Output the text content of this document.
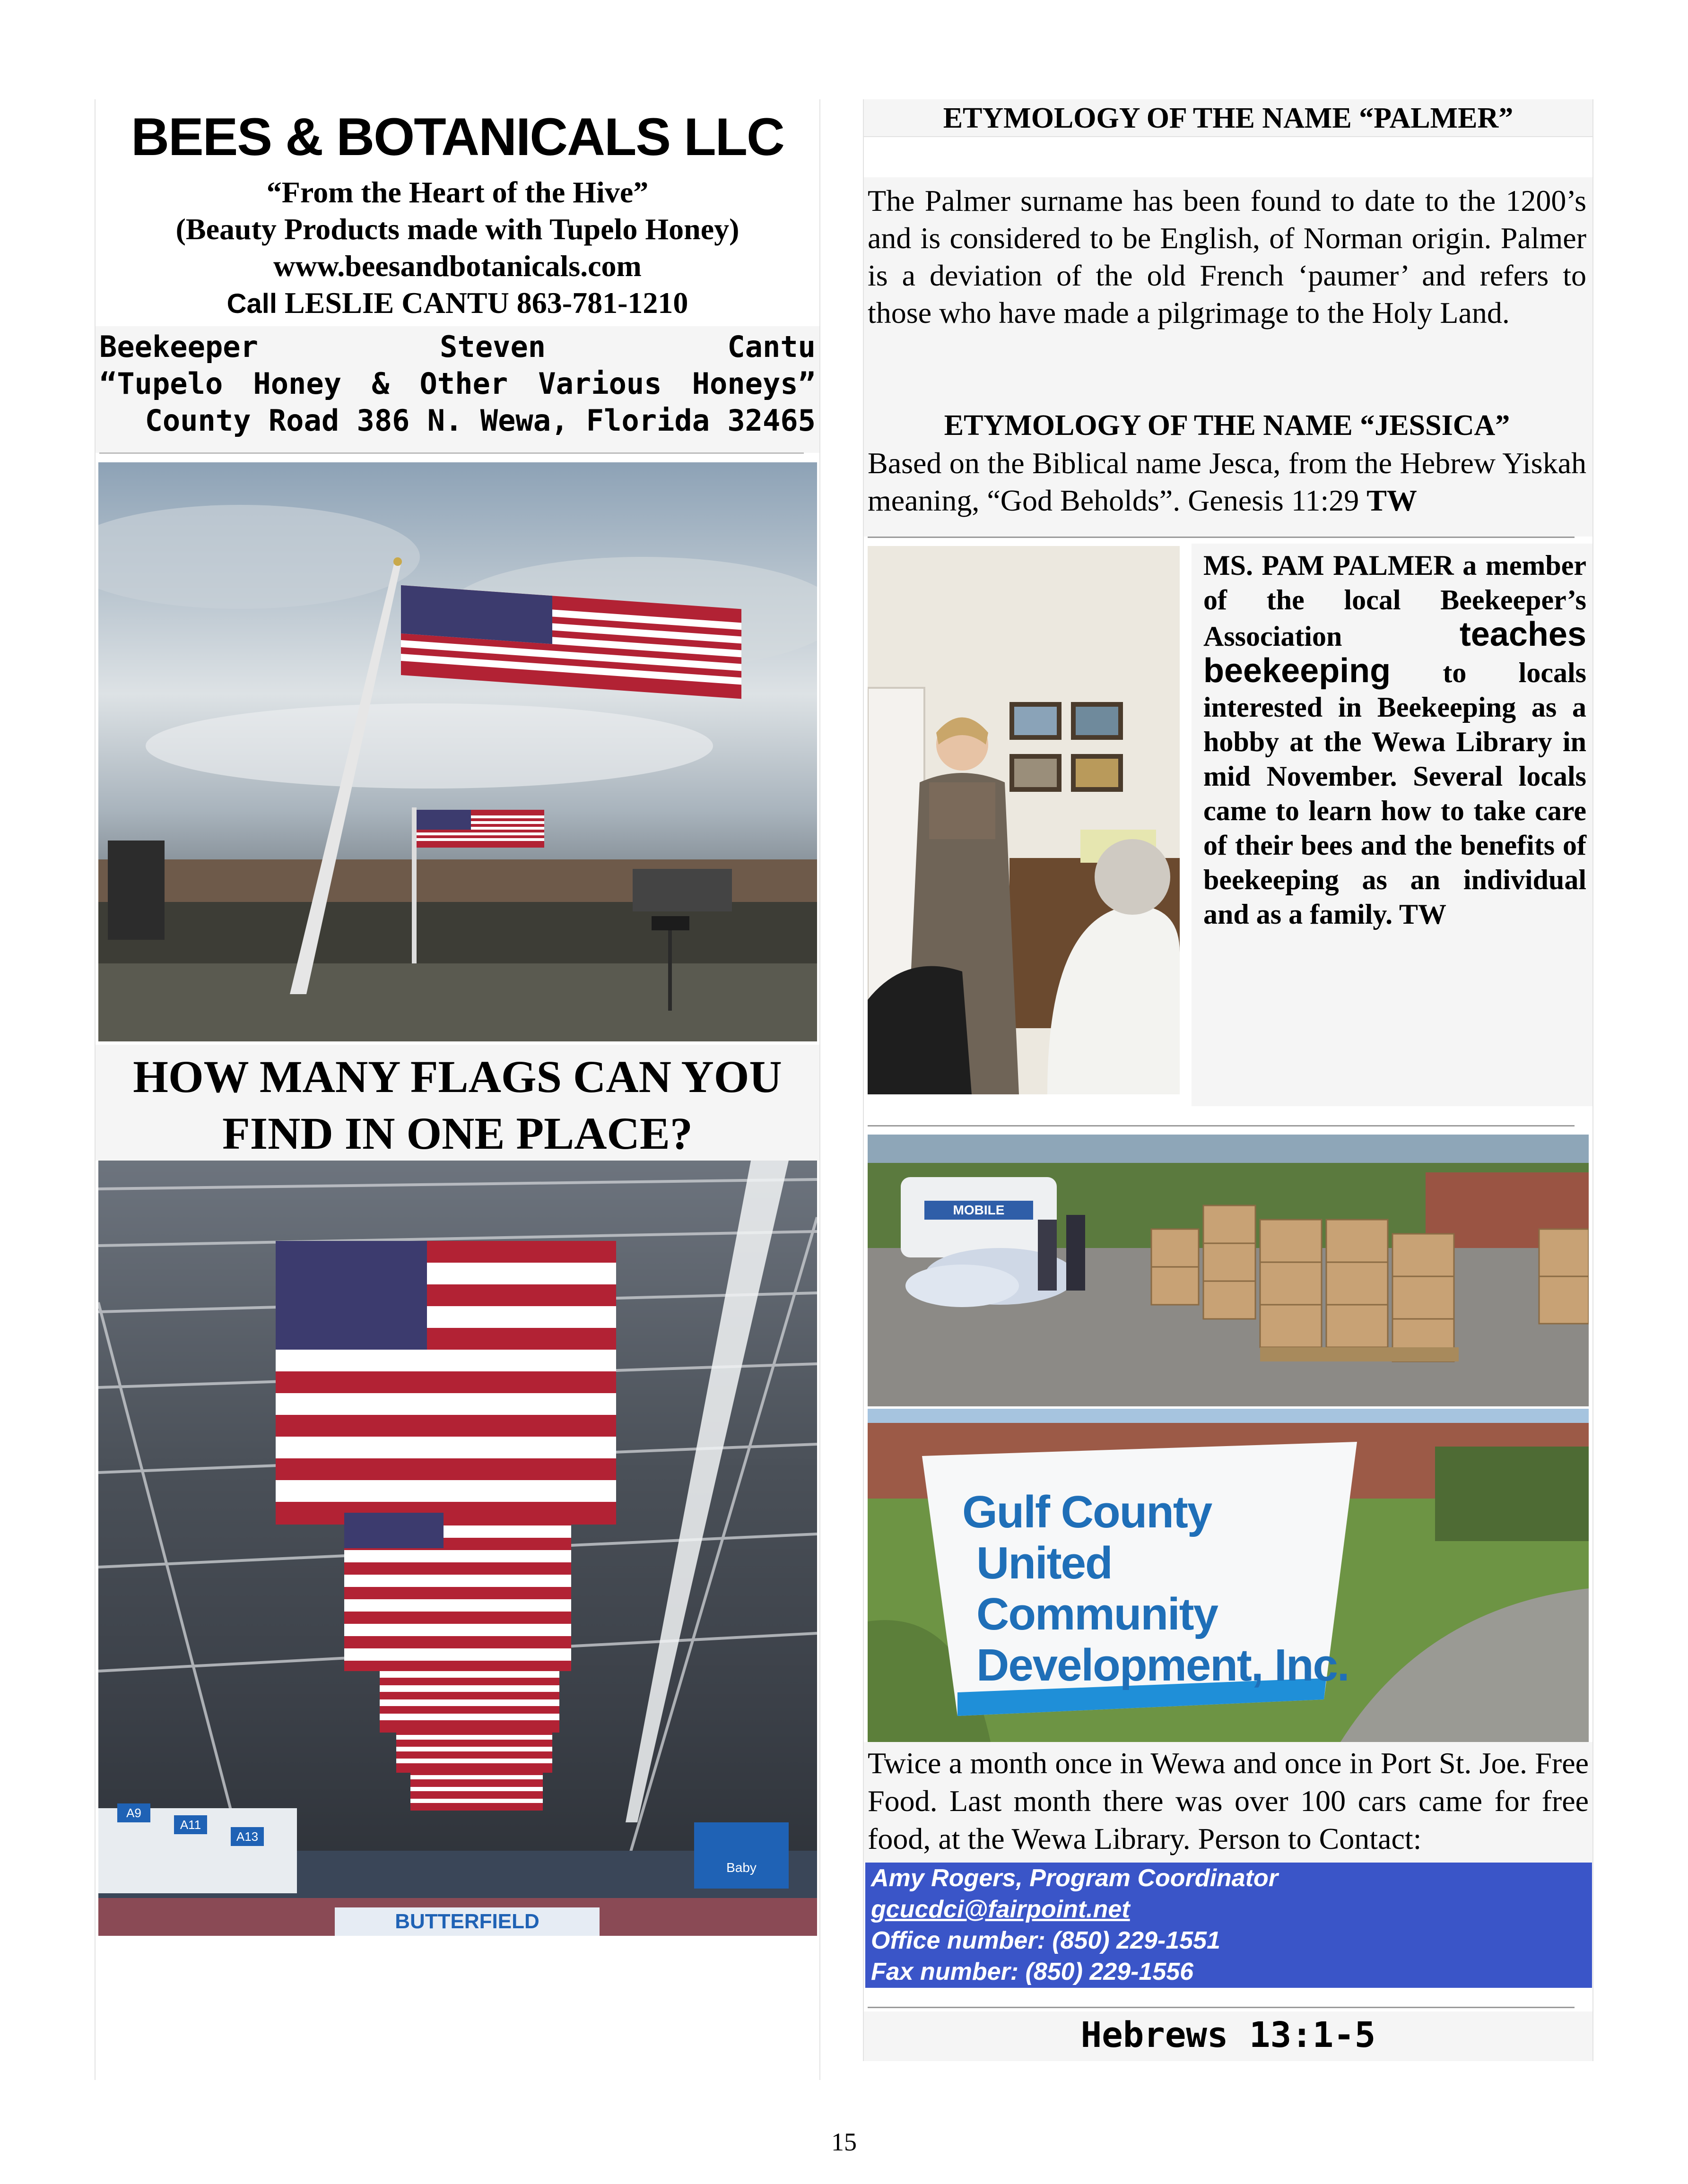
BEES & BOTANICALS LLC
“From the Heart of the Hive”
(Beauty Products made with Tupelo Honey)
www.beesandbotanicals.com
Call LESLIE CANTU 863-781-1210
Beekeeper	Steven	Cantu
“Tupelo Honey & Other Various Honeys”
County Road 386 N. Wewa, Florida 32465
HOW MANY FLAGS CAN YOU
FIND IN ONE PLACE?
A9
A11
A13
Baby
BUTTERFIELD
ETYMOLOGY OF THE NAME “PALMER”
The Palmer surname has been found to date to the 1200’s and is considered to be English, of Norman origin. Palmer is a deviation of the old French ‘paumer’ and refers to those who have made a pilgrimage to the Holy Land.
ETYMOLOGY OF THE NAME “JESSICA”
Based on the Biblical name Jesca, from the Hebrew Yiskah meaning, “God Beholds”. Genesis 11:29 TW
MS. PAM PALMER a member of the local Beekeeper’s Association	teaches beekeeping to locals interested in Beekeeping as a hobby at the Wewa Library in mid November. Several locals came to learn how to take care of their bees and the benefits of beekeeping as an individual and as a family. TW
MOBILE
Gulf County
United Community
Development, Inc.
Twice a month once in Wewa and once in Port St. Joe. Free Food. Last month there was over 100 cars came for free food, at the Wewa Library. Person to Contact:
Amy Rogers, Program Coordinator
gcucdci@fairpoint.net
Office number: (850) 229-1551
Fax number: (850) 229-1556
Hebrews 13:1-5
15
